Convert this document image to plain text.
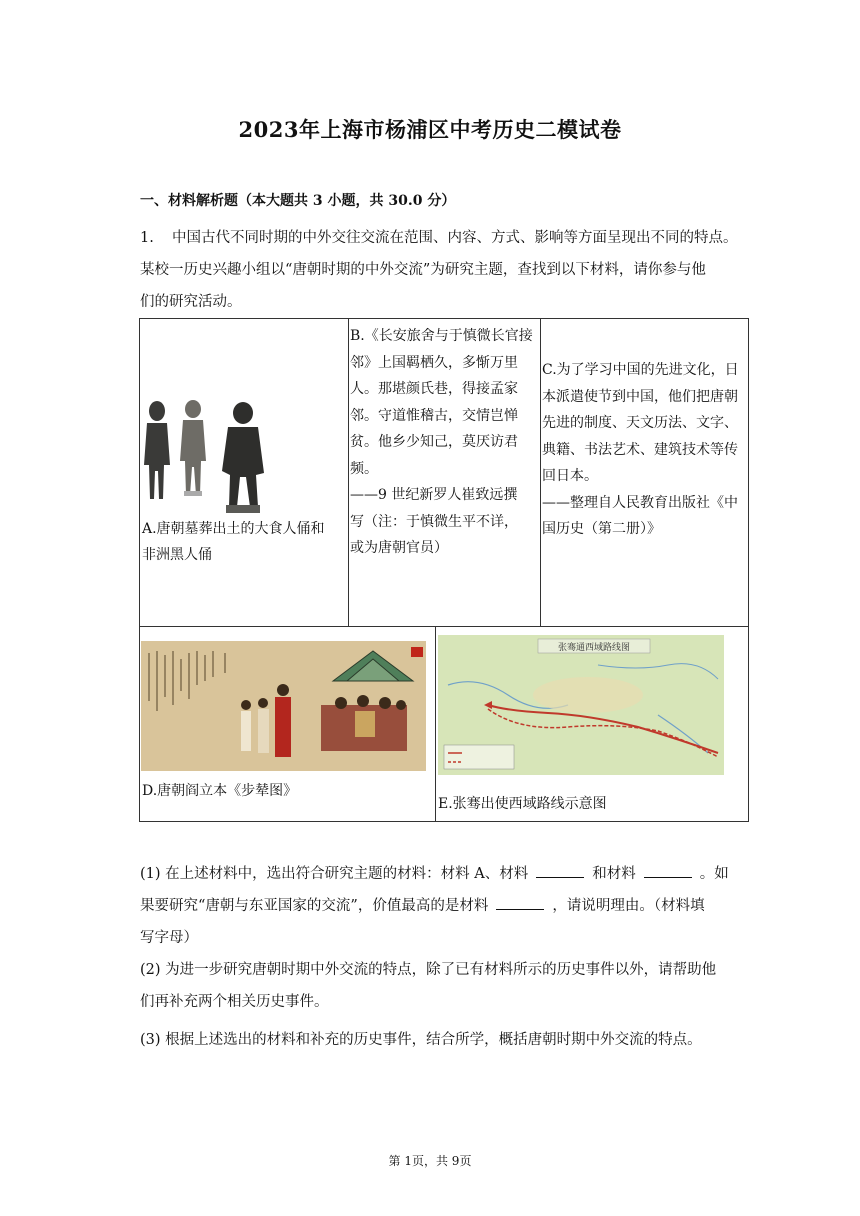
2023年上海市杨浦区中考历史二模试卷
一、材料解析题（本大题共 3 小题，共 30.0 分）
1. 中国古代不同时期的中外交往交流在范围、内容、方式、影响等方面呈现出不同的特点。
某校一历史兴趣小组以“唐朝时期的中外交流”为研究主题，查找到以下材料，请你参与他
们的研究活动。
A.唐朝墓葬出土的大食人俑和
非洲黑人俑
B.《长安旅舍与于慎微长官接
邻》上国羁栖久，多惭万里
人。那堪颜氏巷，得接孟家
邻。守道惟稽古，交情岂惮
贫。他乡少知己，莫厌访君
频。
——9 世纪新罗人崔致远撰
写（注：于慎微生平不详，
或为唐朝官员）
C.为了学习中国的先进文化，日
本派遣使节到中国，他们把唐朝
先进的制度、天文历法、文字、
典籍、书法艺术、建筑技术等传
回日本。
——整理自人民教育出版社《中
国历史（第二册）》
D.唐朝阎立本《步辇图》
张骞通西域路线图
E.张骞出使西域路线示意图
(1) 在上述材料中，选出符合研究主题的材料：材料 A、材料	和材料	。如
果要研究“唐朝与东亚国家的交流”，价值最高的是材料	，请说明理由。（材料填
写字母）
(2) 为进一步研究唐朝时期中外交流的特点，除了已有材料所示的历史事件以外，请帮助他
们再补充两个相关历史事件。
(3) 根据上述选出的材料和补充的历史事件，结合所学，概括唐朝时期中外交流的特点。
第 1页，共 9页
